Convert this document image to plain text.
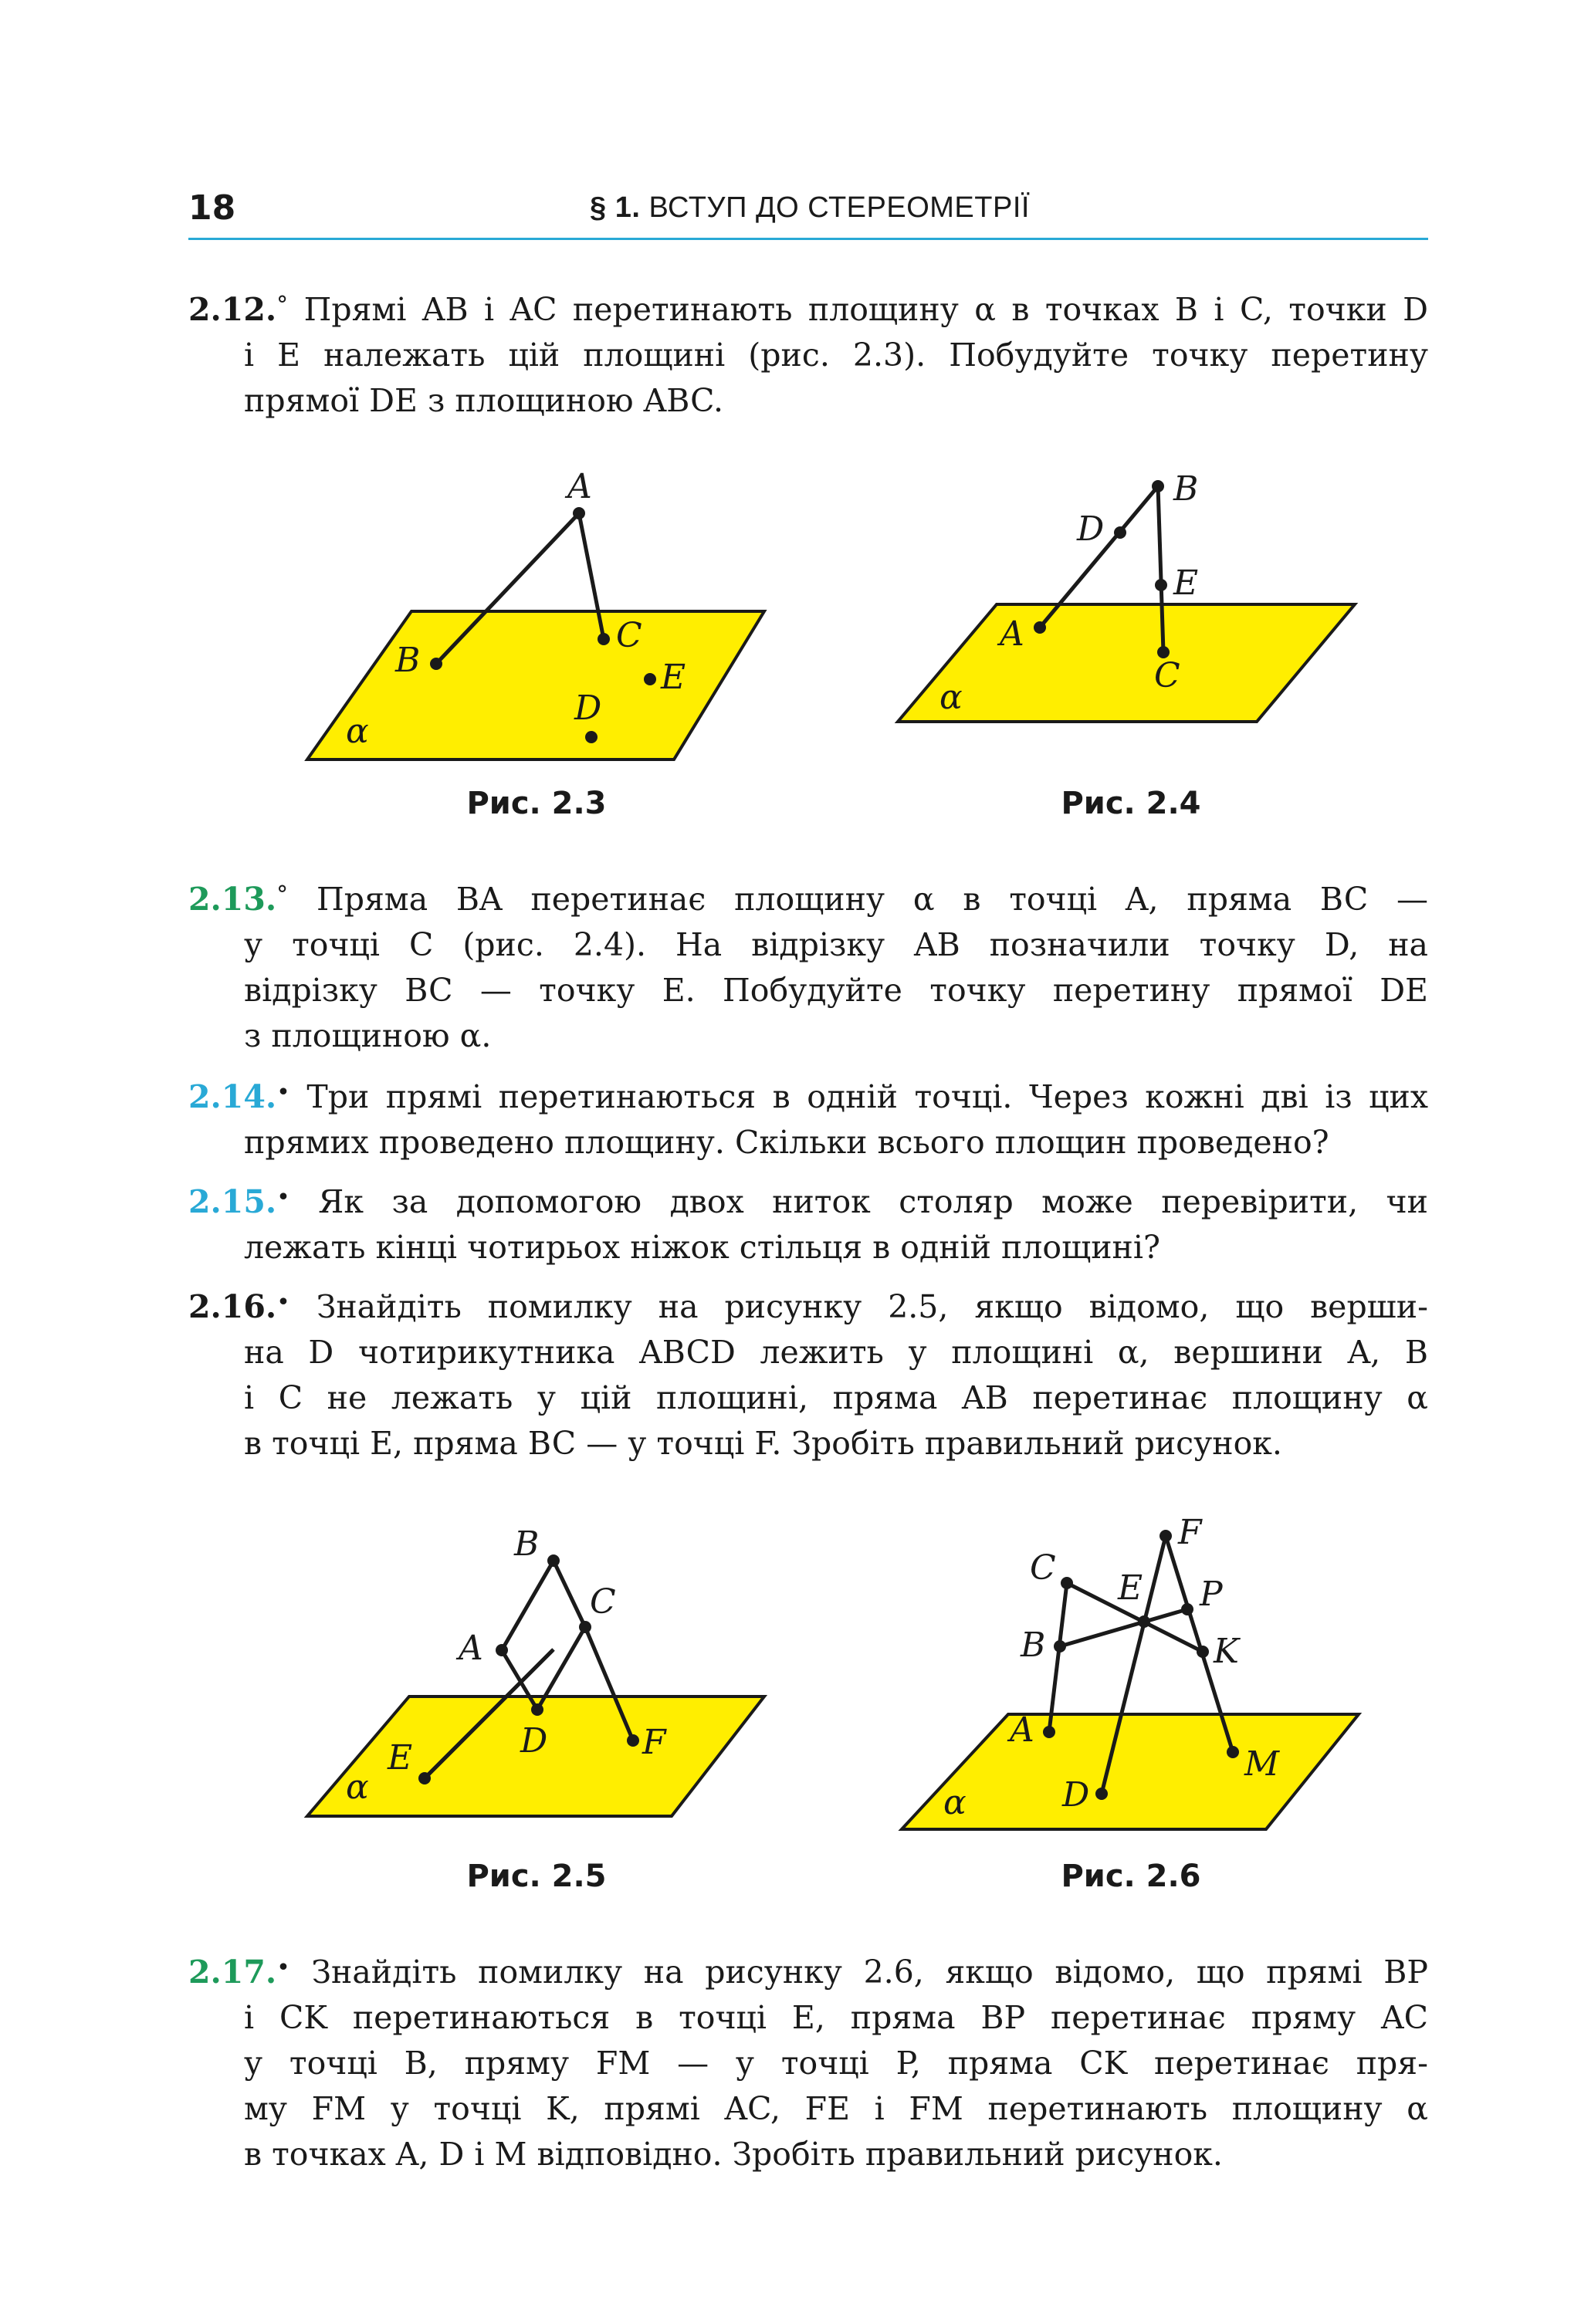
18	§ 1. ВСТУП ДО СТЕРЕОМЕТРІЇ
2.12.° Прямі AB і AC перетинають площину α в точках B і C, точки D
і E належать цій площині (рис. 2.3). Побудуйте точку перетину
прямої DE з площиною ABC.
A
B
C
E
D
α
Рис. 2.3
B
D
E
A
C
α
Рис. 2.4
2.13.° Пряма BA перетинає площину α в точці A, пряма BC —
у точці C (рис. 2.4). На відрізку AB позначили точку D, на
відрізку BC — точку E. Побудуйте точку перетину прямої DE
з площиною α.
2.14.• Три прямі перетинаються в одній точці. Через кожні дві із цих
прямих проведено площину. Скільки всього площин проведено?
2.15.• Як за допомогою двох ниток столяр може перевірити, чи
лежать кінці чотирьох ніжок стільця в одній площині?
2.16.• Знайдіть помилку на рисунку 2.5, якщо відомо, що верши-
на D чотирикутника ABCD лежить у площині α, вершини A, B
і C не лежать у цій площині, пряма AB перетинає площину α
в точці E, пряма BC — у точці F. Зробіть правильний рисунок.
B
C
A
D	F
E
α
Рис. 2.5
F
C
E P
B	K
A
M
D
α
Рис. 2.6
2.17.• Знайдіть помилку на рисунку 2.6, якщо відомо, що прямі BP
і CK перетинаються в точці E, пряма BP перетинає пряму AC
у точці B, пряму FM — у точці P, пряма CK перетинає пря-
му FM у точці K, прямі AC, FE і FM перетинають площину α
в точках A, D і M відповідно. Зробіть правильний рисунок.
